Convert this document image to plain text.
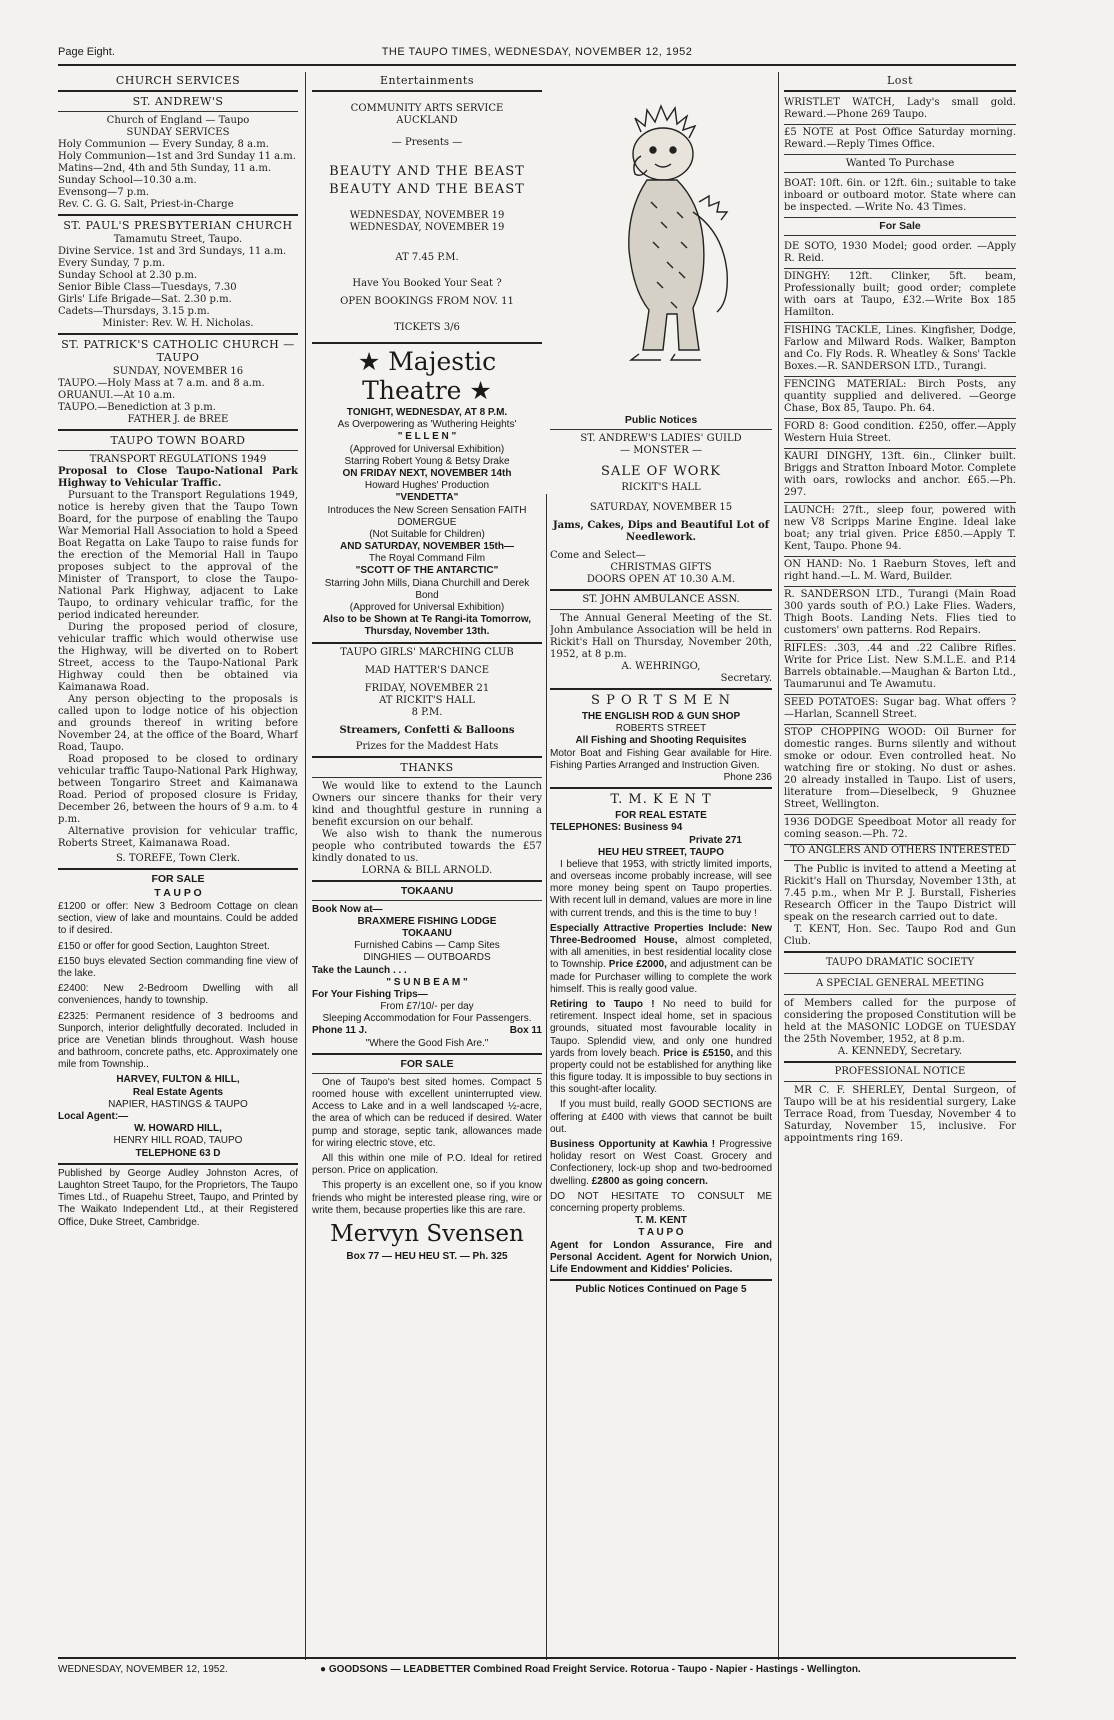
Page Eight.	THE TAUPO TIMES, WEDNESDAY, NOVEMBER 12, 1952
CHURCH SERVICES
ST. ANDREW'S

Church of England — Taupo

SUNDAY SERVICES

Holy Communion — Every Sunday, 8 a.m.

Holy Communion—1st and 3rd Sunday 11 a.m.

Matins—2nd, 4th and 5th Sunday, 11 a.m.

Sunday School—10.30 a.m.

Evensong—7 p.m.

Rev. C. G. G. Salt, Priest-in-Charge

ST. PAUL'S PRESBYTERIAN CHURCH

Tamamutu Street, Taupo.

Divine Service. 1st and 3rd Sundays, 11 a.m. Every Sunday, 7 p.m.

Sunday School at 2.30 p.m.

Senior Bible Class—Tuesdays, 7.30

Girls' Life Brigade—Sat. 2.30 p.m.

Cadets—Thursdays, 3.15 p.m.

Minister: Rev. W. H. Nicholas.

ST. PATRICK'S CATHOLIC CHURCH — TAUPO

SUNDAY, NOVEMBER 16

TAUPO.—Holy Mass at 7 a.m. and 8 a.m.

ORUANUI.—At 10 a.m.

TAUPO.—Benediction at 3 p.m.

FATHER J. de BREE

TAUPO TOWN BOARD

TRANSPORT REGULATIONS 1949

Proposal to Close Taupo-National Park Highway to Vehicular Traffic.

Pursuant to the Transport Regulations 1949, notice is hereby given that the Taupo Town Board, for the purpose of enabling the Taupo War Memorial Hall Association to hold a Speed Boat Regatta on Lake Taupo to raise funds for the erection of the Memorial Hall in Taupo proposes subject to the approval of the Minister of Transport, to close the Taupo-National Park Highway, adjacent to Lake Taupo, to ordinary vehicular traffic, for the period indicated hereunder.

During the proposed period of closure, vehicular traffic which would otherwise use the Highway, will be diverted on to Robert Street, access to the Taupo-National Park Highway could then be obtained via Kaimanawa Road.

Any person objecting to the proposals is called upon to lodge notice of his objection and grounds thereof in writing before November 24, at the office of the Board, Wharf Road, Taupo.

Road proposed to be closed to ordinary vehicular traffic Taupo-National Park Highway, between Tongariro Street and Kaimanawa Road. Period of proposed closure is Friday, December 26, between the hours of 9 a.m. to 4 p.m.

Alternative provision for vehicular traffic, Roberts Street, Kaimanawa Road.

S. TOREFE, Town Clerk.

FOR SALE
T A U P O

£1200 or offer: New 3 Bedroom Cottage on clean section, view of lake and mountains. Could be added to if desired.

£150 or offer for good Section, Laughton Street.

£150 buys elevated Section commanding fine view of the lake.

£2400: New 2-Bedroom Dwelling with all conveniences, handy to township.

£2325: Permanent residence of 3 bedrooms and Sunporch, interior delightfully decorated. Included in price are Venetian blinds throughout. Wash house and bathroom, concrete paths, etc. Approximately one mile from Township..

HARVEY, FULTON & HILL,

Real Estate Agents

NAPIER, HASTINGS & TAUPO

Local Agent:—

W. HOWARD HILL,

HENRY HILL ROAD, TAUPO

TELEPHONE 63 D

Published by George Audley Johnston Acres, of Laughton Street Taupo, for the Proprietors, The Taupo Times Ltd., of Ruapehu Street, Taupo, and Printed by The Waikato Independent Ltd., at their Registered Office, Duke Street, Cambridge.

Entertainments

COMMUNITY ARTS SERVICE

AUCKLAND

— Presents —

BEAUTY AND THE BEAST

BEAUTY AND THE BEAST

WEDNESDAY, NOVEMBER 19

WEDNESDAY, NOVEMBER 19

AT 7.45 P.M.

Have You Booked Your Seat ?

OPEN BOOKINGS FROM NOV. 11

TICKETS 3/6

★ Majestic Theatre ★

TONIGHT, WEDNESDAY, AT 8 P.M.

As Overpowering as 'Wuthering Heights'

" E L L E N "

(Approved for Universal Exhibition)

Starring Robert Young & Betsy Drake

ON FRIDAY NEXT, NOVEMBER 14th

Howard Hughes' Production

"VENDETTA"

Introduces the New Screen Sensation FAITH DOMERGUE

(Not Suitable for Children)

AND SATURDAY, NOVEMBER 15th—

The Royal Command Film

"SCOTT OF THE ANTARCTIC"

Starring John Mills, Diana Churchill and Derek Bond

(Approved for Universal Exhibition)

Also to be Shown at Te Rangi-ita Tomorrow, Thursday, November 13th.

TAUPO GIRLS' MARCHING CLUB

MAD HATTER'S DANCE

FRIDAY, NOVEMBER 21

AT RICKIT'S HALL

8 P.M.

Streamers, Confetti & Balloons

Prizes for the Maddest Hats

THANKS

We would like to extend to the Launch Owners our sincere thanks for their very kind and thoughtful gesture in running a benefit excursion on our behalf.

We also wish to thank the numerous people who contributed towards the £57 kindly donated to us.

LORNA & BILL ARNOLD.

TOKAANU

Book Now at—

BRAXMERE FISHING LODGE

TOKAANU

Furnished Cabins — Camp Sites

DINGHIES — OUTBOARDS

Take the Launch . . .

" S U N B E A M "

For Your Fishing Trips—

From £7/10/- per day

Sleeping Accommodation for Four Passengers.

Phone 11 J.	Box 11

"Where the Good Fish Are."

FOR SALE

One of Taupo's best sited homes. Compact 5 roomed house with excellent uninterrupted view. Access to Lake and in a well landscaped ½-acre, the area of which can be reduced if desired. Water pump and storage, septic tank, allowances made for wiring electric stove, etc.

All this within one mile of P.O. Ideal for retired person. Price on application.

This property is an excellent one, so if you know friends who might be interested please ring, wire or write them, because properties like this are rare.

Mervyn Svensen

Box 77 — HEU HEU ST. — Ph. 325

Public Notices

ST. ANDREW'S LADIES' GUILD

— MONSTER —

SALE OF WORK

RICKIT'S HALL

SATURDAY, NOVEMBER 15

Jams, Cakes, Dips and Beautiful Lot of Needlework.

Come and Select—

CHRISTMAS GIFTS

DOORS OPEN AT 10.30 A.M.

ST. JOHN AMBULANCE ASSN.

The Annual General Meeting of the St. John Ambulance Association will be held in Rickit's Hall on Thursday, November 20th, 1952, at 8 p.m.

A. WEHRINGO,

Secretary.

S P O R T S M E N

THE ENGLISH ROD & GUN SHOP

ROBERTS STREET

All Fishing and Shooting Requisites

Motor Boat and Fishing Gear available for Hire. Fishing Parties Arranged and Instruction Given.

Phone 236

T. M. K E N T

FOR REAL ESTATE

TELEPHONES: Business 94

Private 271

HEU HEU STREET, TAUPO

I believe that 1953, with strictly limited imports, and overseas income probably increase, will see more money being spent on Taupo properties. With recent lull in demand, values are more in line with current trends, and this is the time to buy !

Especially Attractive Properties Include: New Three-Bedroomed House, almost completed, with all amenities, in best residential locality close to Township. Price £2000, and adjustment can be made for Purchaser willing to complete the work himself. This is really good value.

Retiring to Taupo ! No need to build for retirement. Inspect ideal home, set in spacious grounds, situated most favourable locality in Taupo. Splendid view, and only one hundred yards from lovely beach. Price is £5150, and this property could not be established for anything like this figure today. It is impossible to buy sections in this sought-after locality.

If you must build, really GOOD SECTIONS are offering at £400 with views that cannot be built out.

Business Opportunity at Kawhia ! Progressive holiday resort on West Coast. Grocery and Confectionery, lock-up shop and two-bedroomed dwelling. £2800 as going concern.

DO NOT HESITATE TO CONSULT ME concerning property problems.

T. M. KENT

T A U P O

Agent for London Assurance, Fire and Personal Accident. Agent for Norwich Union, Life Endowment and Kiddies' Policies.

Public Notices Continued on Page 5

Lost

WRISTLET WATCH, Lady's small gold. Reward.—Phone 269 Taupo.

£5 NOTE at Post Office Saturday morning. Reward.—Reply Times Office.

Wanted To Purchase

BOAT: 10ft. 6in. or 12ft. 6in.; suitable to take inboard or outboard motor. State where can be inspected. —Write No. 43 Times.

For Sale

DE SOTO, 1930 Model; good order. —Apply R. Reid.

DINGHY: 12ft. Clinker, 5ft. beam, Professionally built; good order; complete with oars at Taupo, £32.—Write Box 185 Hamilton.

FISHING TACKLE, Lines. Kingfisher, Dodge, Farlow and Milward Rods. Walker, Bampton and Co. Fly Rods. R. Wheatley & Sons' Tackle Boxes.—R. SANDERSON LTD., Turangi.

FENCING MATERIAL: Birch Posts, any quantity supplied and delivered. —George Chase, Box 85, Taupo. Ph. 64.

FORD 8: Good condition. £250, offer.—Apply Western Huia Street.

KAURI DINGHY, 13ft. 6in., Clinker built. Briggs and Stratton Inboard Motor. Complete with oars, rowlocks and anchor. £65.—Ph. 297.

LAUNCH: 27ft., sleep four, powered with new V8 Scripps Marine Engine. Ideal lake boat; any trial given. Price £850.—Apply T. Kent, Taupo. Phone 94.

ON HAND: No. 1 Raeburn Stoves, left and right hand.—L. M. Ward, Builder.

R. SANDERSON LTD., Turangi (Main Road 300 yards south of P.O.) Lake Flies. Waders, Thigh Boots. Landing Nets. Flies tied to customers' own patterns. Rod Repairs.

RIFLES: .303, .44 and .22 Calibre Rifles. Write for Price List. New S.M.L.E. and P.14 Barrels obtainable.—Maughan & Barton Ltd., Taumarunui and Te Awamutu.

SEED POTATOES: Sugar bag. What offers ?—Harlan, Scannell Street.

STOP CHOPPING WOOD: Oil Burner for domestic ranges. Burns silently and without smoke or odour. Even controlled heat. No watching fire or stoking. No dust or ashes. 20 already installed in Taupo. List of users, literature from—Dieselbeck, 9 Ghuznee Street, Wellington.

1936 DODGE Speedboat Motor all ready for coming season.—Ph. 72.

TO ANGLERS AND OTHERS INTERESTED

The Public is invited to attend a Meeting at Rickit's Hall on Thursday, November 13th, at 7.45 p.m., when Mr P. J. Burstall, Fisheries Research Officer in the Taupo District will speak on the research carried out to date.

T. KENT, Hon. Sec. Taupo Rod and Gun Club.

TAUPO DRAMATIC SOCIETY

A SPECIAL GENERAL MEETING

of Members called for the purpose of considering the proposed Constitution will be held at the MASONIC LODGE on TUESDAY the 25th November, 1952, at 8 p.m.

A. KENNEDY, Secretary.

PROFESSIONAL NOTICE

MR C. F. SHERLEY, Dental Surgeon, of Taupo will be at his residential surgery, Lake Terrace Road, from Tuesday, November 4 to Saturday, November 15, inclusive. For appointments ring 169.

WEDNESDAY, NOVEMBER 12, 1952.	● GOODSONS — LEADBETTER Combined Road Freight Service. Rotorua - Taupo - Napier - Hastings - Wellington.
